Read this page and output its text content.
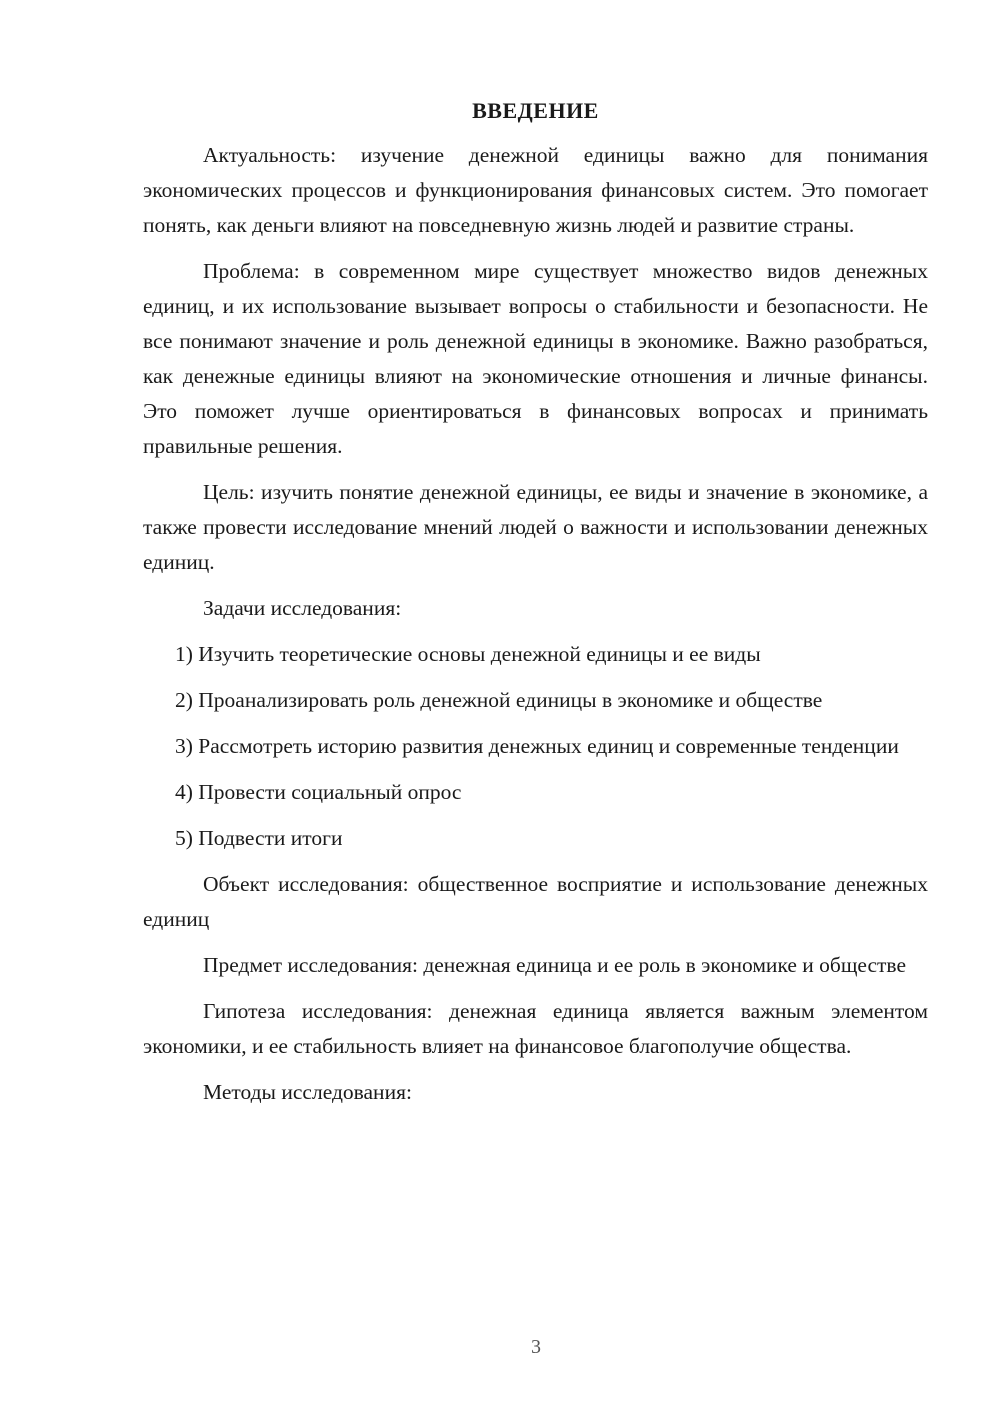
ВВЕДЕНИЕ

Актуальность: изучение денежной единицы важно для понимания экономических процессов и функционирования финансовых систем. Это помогает понять, как деньги влияют на повседневную жизнь людей и развитие страны.

Проблема: в современном мире существует множество видов денежных единиц, и их использование вызывает вопросы о стабильности и безопасности. Не все понимают значение и роль денежной единицы в экономике. Важно разобраться, как денежные единицы влияют на экономические отношения и личные финансы. Это поможет лучше ориентироваться в финансовых вопросах и принимать правильные решения.

Цель: изучить понятие денежной единицы, ее виды и значение в экономике, а также провести исследование мнений людей о важности и использовании денежных единиц.

Задачи исследования:

1) Изучить теоретические основы денежной единицы и ее виды

2) Проанализировать роль денежной единицы в экономике и обществе

3) Рассмотреть историю развития денежных единиц и современные тенденции

4) Провести социальный опрос

5) Подвести итоги

Объект исследования: общественное восприятие и использование денежных единиц

Предмет исследования: денежная единица и ее роль в экономике и обществе

Гипотеза исследования: денежная единица является важным элементом экономики, и ее стабильность влияет на финансовое благополучие общества.

Методы исследования:

3
